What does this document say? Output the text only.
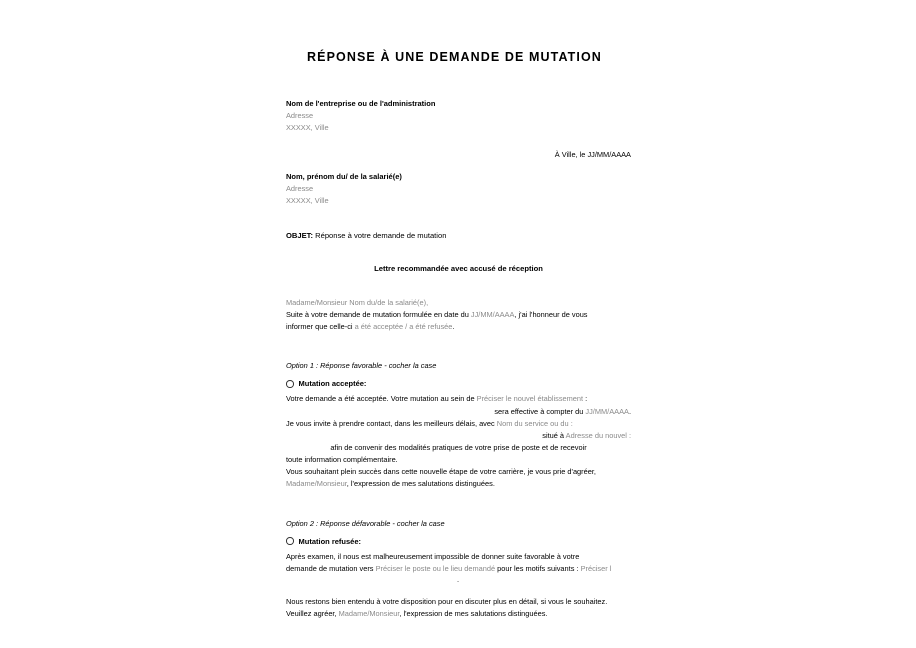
RÉPONSE À UNE DEMANDE DE MUTATION
Nom de l'entreprise ou de l'administration
Adresse
XXXXX, Ville
À Ville, le JJ/MM/AAAA
Nom, prénom du/ de la salarié(e)
Adresse
XXXXX, Ville
OBJET: Réponse à votre demande de mutation
Lettre recommandée avec accusé de réception
Madame/Monsieur Nom du/de la salarié(e),
Suite à votre demande de mutation formulée en date du JJ/MM/AAAA, j'ai l'honneur de vous
informer que celle-ci a été acceptée / a été refusée.
Option 1 : Réponse favorable - cocher la case
Mutation acceptée:
Votre demande a été acceptée. Votre mutation au sein de Préciser le nouvel établissement :
sera effective à compter du JJ/MM/AAAA.
Je vous invite à prendre contact, dans les meilleurs délais, avec Nom du service ou du :
situé à Adresse du nouvel :
afin de convenir des modalités pratiques de votre prise de poste et de recevoir
toute information complémentaire.
Vous souhaitant plein succès dans cette nouvelle étape de votre carrière, je vous prie d'agréer,
Madame/Monsieur, l'expression de mes salutations distinguées.
Option 2 : Réponse défavorable - cocher la case
Mutation refusée:
Après examen, il nous est malheureusement impossible de donner suite favorable à votre
demande de mutation vers Préciser le poste ou le lieu demandé pour les motifs suivants : Préciser l
.
Nous restons bien entendu à votre disposition pour en discuter plus en détail, si vous le souhaitez.
Veuillez agréer, Madame/Monsieur, l'expression de mes salutations distinguées.
